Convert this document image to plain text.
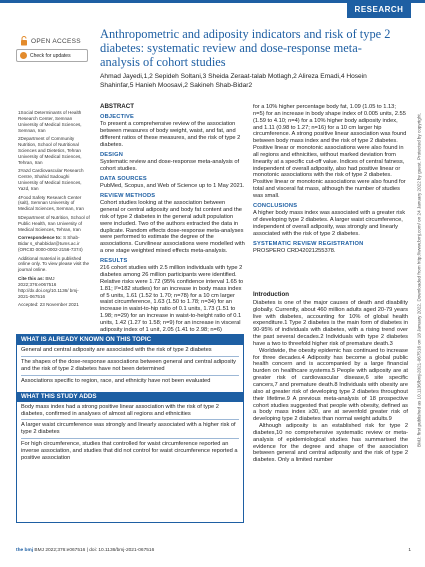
RESEARCH
OPEN ACCESS
Check for updates
Anthropometric and adiposity indicators and risk of type 2 diabetes: systematic review and dose-response meta-analysis of cohort studies
Ahmad Jayedi,1,2 Sepideh Soltani,3 Sheida Zeraat-talab Motlagh,2 Alireza Emadi,4 Hosein Shahinfar,5 Hanieh Moosavi,2 Sakineh Shab-Bidar2

1Social Determinants of Health Research Center, Semnan University of Medical Sciences, Semnan, Iran

2Department of Community Nutrition, School of Nutritional Sciences and Dietetics, Tehran University of Medical Sciences, Tehran, Iran

3Yazd Cardiovascular Research Centre, Shahid Sadoughi University of Medical Sciences, Yazd, Iran

4Food Safety Research Center (salt), Semnan University of Medical Sciences, Semnan, Iran

5Department of Nutrition, School of Public Health, Iran University of Medical Sciences, Tehran, Iran

Correspondence to: S Shab-Bidar s_shabbidar@tums.ac.ir (ORCID 0000-0002-2156-7374)

Additional material is published online only. To view please visit the journal online.

Cite this as: BMJ 2022;376:e067516 http://dx.doi.org/10.1136/ bmj-2021-067516

Accepted: 23 November 2021

ABSTRACT
OBJECTIVE

To present a comprehensive review of the association between measures of body weight, waist, and fat, and different ratios of these measures, and the risk of type 2 diabetes.

DESIGN

Systematic review and dose-response meta-analysis of cohort studies.

DATA SOURCES

PubMed, Scopus, and Web of Science up to 1 May 2021.

REVIEW METHODS

Cohort studies looking at the association between general or central adiposity and body fat content and the risk of type 2 diabetes in the general adult population were included. Two of the authors extracted the data in duplicate. Random effects dose-response meta-analyses were performed to estimate the degree of the associations. Curvilinear associations were modelled with a one stage weighted mixed effects meta-analysis.

RESULTS

216 cohort studies with 2.5 million individuals with type 2 diabetes among 26 million participants were identified. Relative risks were 1.72 (95% confidence interval 1.65 to 1.81; I²=182 studies) for an increase in body mass index of 5 units, 1.61 (1.52 to 1.70; n=78) for a 10 cm larger waist circumference, 1.63 (1.50 to 1.78; n=34) for an increase in waist-to-hip ratio of 0.1 units, 1.73 (1.51 to 1.98; n=29) for an increase in waist-to-height ratio of 0.1 units, 1.42 (1.27 to 1.58; n=9) for an increase in visceral adiposity index of 1 unit, 2.05 (1.41 to 2.98; n=6)

for a 10% higher percentage body fat, 1.09 (1.05 to 1.13; n=5) for an increase in body shape index of 0.005 units, 2.55 (1.59 to 4.10; n=4) for a 10% higher body adiposity index, and 1.11 (0.98 to 1.27; n=16) for a 10 cm larger hip circumference. A strong positive linear association was found between body mass index and the risk of type 2 diabetes. Positive linear or monotonic associations were also found in all regions and ethnicities, without marked deviation from linearity at a specific cut-off value. Indices of central fatness, independent of overall adiposity, also had positive linear or monotonic associations with the risk of type 2 diabetes. Positive linear or monotonic associations were also found for total and visceral fat mass, although the number of studies was small.

CONCLUSIONS

A higher body mass index was associated with a greater risk of developing type 2 diabetes. A larger waist circumference, independent of overall adiposity, was strongly and linearly associated with the risk of type 2 diabetes.

SYSTEMATIC REVIEW REGISTRATION

PROSPERO CRD42021255378.

Introduction

Diabetes is one of the major causes of death and disability globally. Currently, about 460 million adults aged 20-79 years live with diabetes, accounting for 10% of global health expenditure.1 Type 2 diabetes is the main form of diabetes in 90-95% of individuals with diabetes, with a rising trend over the past several decades.2 Individuals with type 2 diabetes have a two to threefold higher risk of premature death.3

Worldwide, the obesity epidemic has continued to increase for three decades.4 Adiposity has become a global public health concern and is accompanied by a large financial burden on healthcare systems.5 People with adiposity are at greater risk of cardiovascular disease,6 site specific cancers,7 and premature death.8 Individuals with obesity are also at greater risk of developing type 2 diabetes throughout their lifetime.9 A previous meta-analysis of 18 prospective cohort studies suggested that people with obesity, defined as a body mass index ≥30, are at sevenfold greater risk of developing type 2 diabetes than normal weight adults.9

Although adiposity is an established risk for type 2 diabetes,10 no comprehensive systematic review or meta-analysis of epidemiological studies has summarised the evidence for the degree and shape of the association between general and central adiposity and the risk of type 2 diabetes. Only a limited number

WHAT IS ALREADY KNOWN ON THIS TOPIC

General and central adiposity are associated with the risk of type 2 diabetes

The shapes of the dose-response associations between general and central adiposity and the risk of type 2 diabetes have not been determined

Associations specific to region, race, and ethnicity have not been evaluated

WHAT THIS STUDY ADDS

Body mass index had a strong positive linear association with the risk of type 2 diabetes, confirmed in analyses of almost all regions and ethnicities

A larger waist circumference was strongly and linearly associated with a higher risk of type 2 diabetes

For high circumference, studies that controlled for waist circumference reported an inverse association, and studies that did not control for waist circumference reported a positive association

BMJ: first published as 10.1136/bmj-2021-067516 on 18 January 2022. Downloaded from http://www.bmj.com/ on 24 January 2022 by guest. Protected by copyright.
the bmj BMJ 2022;376:e067516 | doi: 10.1136/bmj-2021-067516	1
